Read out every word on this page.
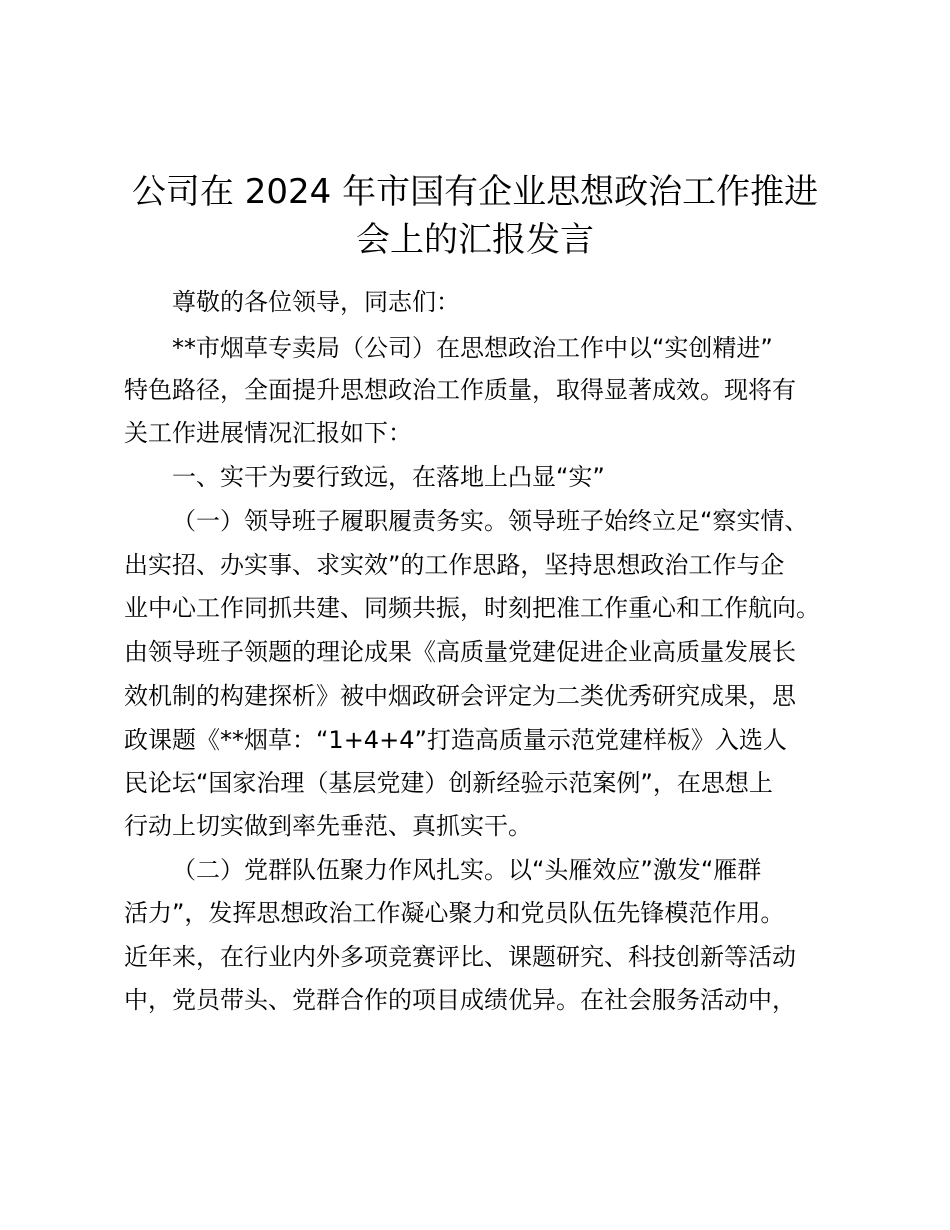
公司在 2024 年市国有企业思想政治工作推进
会上的汇报发言
尊敬的各位领导，同志们：
**市烟草专卖局（公司）在思想政治工作中以“实创精进”
特色路径，全面提升思想政治工作质量，取得显著成效。现将有
关工作进展情况汇报如下：
一、实干为要行致远，在落地上凸显“实”
（一）领导班子履职履责务实。领导班子始终立足“察实情、
出实招、办实事、求实效”的工作思路，坚持思想政治工作与企
业中心工作同抓共建、同频共振，时刻把准工作重心和工作航向。
由领导班子领题的理论成果《高质量党建促进企业高质量发展长
效机制的构建探析》被中烟政研会评定为二类优秀研究成果，思
政课题《**烟草：“1+4+4”打造高质量示范党建样板》入选人
民论坛“国家治理（基层党建）创新经验示范案例”，在思想上
行动上切实做到率先垂范、真抓实干。
（二）党群队伍聚力作风扎实。以“头雁效应”激发“雁群
活力”，发挥思想政治工作凝心聚力和党员队伍先锋模范作用。
近年来，在行业内外多项竞赛评比、课题研究、科技创新等活动
中，党员带头、党群合作的项目成绩优异。在社会服务活动中，
